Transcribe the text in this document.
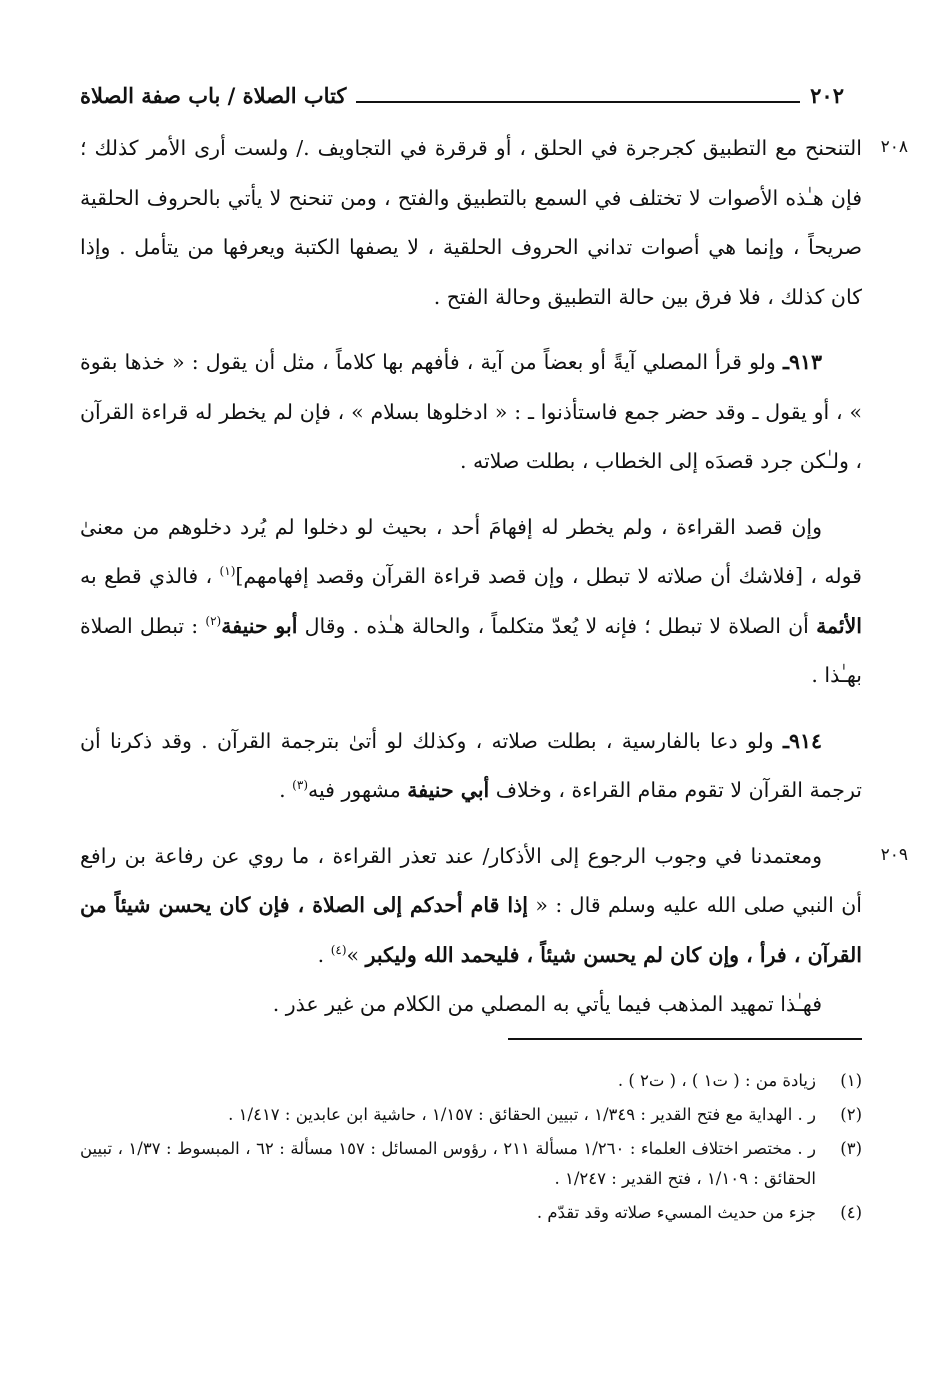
٢٠٢
كتاب الصلاة / باب صفة الصلاة
٢٠٨
٢٠٩

التنحنح مع التطبيق كجرجرة في الحلق ، أو قرقرة في التجاويف ./ ولست أرى الأمر كذلك ؛ فإن هـٰذه الأصوات لا تختلف في السمع بالتطبيق والفتح ، ومن تنحنح لا يأتي بالحروف الحلقية صريحاً ، وإنما هي أصوات تداني الحروف الحلقية ، لا يصفها الكتبة ويعرفها من يتأمل . وإذا كان كذلك ، فلا فرق بين حالة التطبيق وحالة الفتح .

٩١٣ـ ولو قرأ المصلي آيةً أو بعضاً من آية ، فأفهم بها كلاماً ، مثل أن يقول : « خذها بقوة » ، أو يقول ـ وقد حضر جمع فاستأذنوا ـ : « ادخلوها بسلام » ، فإن لم يخطر له قراءة القرآن ، ولـٰكن جرد قصدَه إلى الخطاب ، بطلت صلاته .

وإن قصد القراءة ، ولم يخطر له إفهامَ أحد ، بحيث لو دخلوا لم يُرد دخلوهم من معنىٰ قوله ، [فلاشك أن صلاته لا تبطل ، وإن قصد قراءة القرآن وقصد إفهامهم]$^{(١)}$ ، فالذي قطع به الأئمة أن الصلاة لا تبطل ؛ فإنه لا يُعدّ متكلماً ، والحالة هـٰذه . وقال أبو حنيفة$^{(٢)}$ : تبطل الصلاة بهـٰذا .

٩١٤ـ ولو دعا بالفارسية ، بطلت صلاته ، وكذلك لو أتىٰ بترجمة القرآن . وقد ذكرنا أن ترجمة القرآن لا تقوم مقام القراءة ، وخلاف أبي حنيفة مشهور فيه$^{(٣)}$ .

ومعتمدنا في وجوب الرجوع إلى الأذكار/ عند تعذر القراءة ، ما روي عن رفاعة بن رافع أن النبي صلى الله عليه وسلم قال : « إذا قام أحدكم إلى الصلاة ، فإن كان يحسن شيئاً من القرآن ، فرأ ، وإن كان لم يحسن شيئاً ، فليحمد الله وليكبر »$^{(٤)}$ .

فهـٰذا تمهيد المذهب فيما يأتي به المصلي من الكلام من غير عذر .

(١)
زيادة من : ( ت١ ) ، ( ت٢ ) .
(٢)
ر . الهداية مع فتح القدير : ١/٣٤٩ ، تبيين الحقائق : ١/١٥٧ ، حاشية ابن عابدين : ١/٤١٧ .
(٣)
ر . مختصر اختلاف العلماء : ١/٢٦٠ مسألة ٢١١ ، رؤوس المسائل : ١٥٧ مسألة : ٦٢ ، المبسوط : ١/٣٧ ، تبيين الحقائق : ١/١٠٩ ، فتح القدير : ١/٢٤٧ .
(٤)
جزء من حديث المسيء صلاته وقد تقدّم .
